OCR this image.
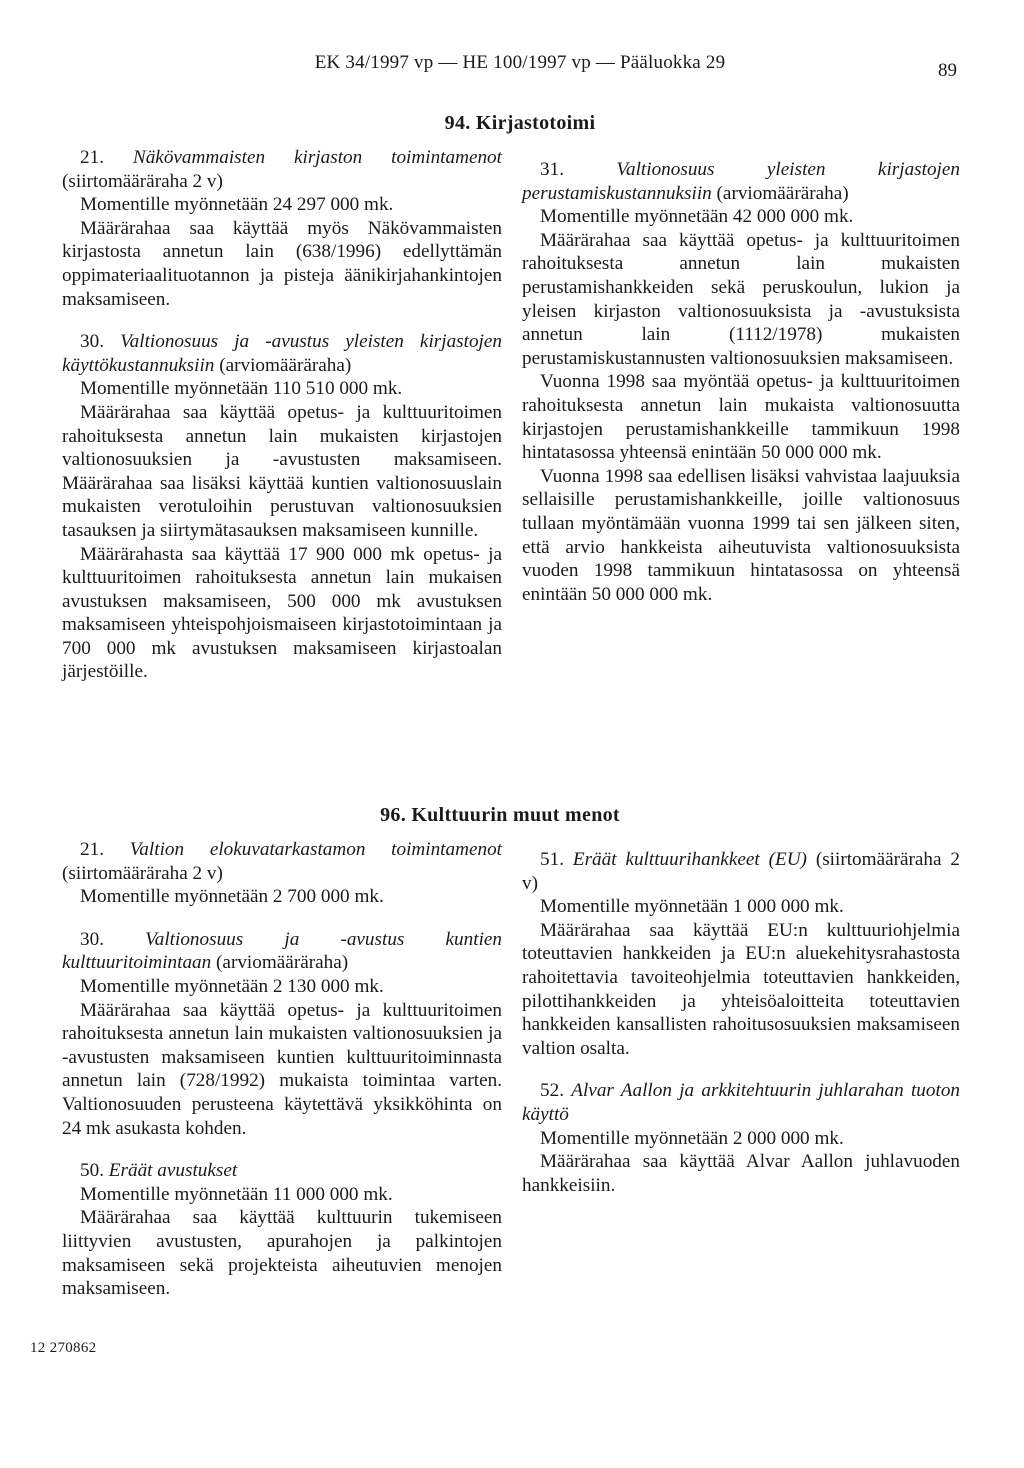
EK 34/1997 vp — HE 100/1997 vp — Pääluokka 29	89
94. Kirjastotoimi

21. Näkövammaisten kirjaston toimintamenot (siirtomääräraha 2 v)

Momentille myönnetään 24 297 000 mk.

Määrärahaa saa käyttää myös Näkövammaisten kirjastosta annetun lain (638/1996) edellyttämän oppimateriaalituotannon ja pisteja äänikirjahankintojen maksamiseen.

30. Valtionosuus ja -avustus yleisten kirjastojen käyttökustannuksiin (arviomääräraha)

Momentille myönnetään 110 510 000 mk.

Määrärahaa saa käyttää opetus- ja kulttuuritoimen rahoituksesta annetun lain mukaisten kirjastojen valtionosuuksien ja -avustusten maksamiseen. Määrärahaa saa lisäksi käyttää kuntien valtionosuuslain mukaisten verotuloihin perustuvan valtionosuuksien tasauksen ja siirtymätasauksen maksamiseen kunnille.

Määrärahasta saa käyttää 17 900 000 mk opetus- ja kulttuuritoimen rahoituksesta annetun lain mukaisen avustuksen maksamiseen, 500 000 mk avustuksen maksamiseen yhteispohjoismaiseen kirjastotoimintaan ja 700 000 mk avustuksen maksamiseen kirjastoalan järjestöille.

31.	Valtionosuus yleisten kirjastojen perustamiskustannuksiin (arviomääräraha)

Momentille myönnetään 42 000 000 mk.

Määrärahaa saa käyttää opetus- ja kulttuuritoimen rahoituksesta annetun lain mukaisten perustamishankkeiden sekä peruskoulun, lukion ja yleisen kirjaston valtionosuuksista ja -avustuksista annetun lain (1112/1978) mukaisten perustamiskustannusten valtionosuuksien maksamiseen.

Vuonna 1998 saa myöntää opetus- ja kulttuuritoimen rahoituksesta annetun lain mukaista valtionosuutta kirjastojen perustamishankkeille tammikuun 1998 hintatasossa yhteensä enintään 50 000 000 mk.

Vuonna 1998 saa edellisen lisäksi vahvistaa laajuuksia sellaisille perustamishankkeille, joille valtionosuus tullaan myöntämään vuonna 1999 tai sen jälkeen siten, että arvio hankkeista aiheutuvista valtionosuuksista vuoden 1998 tammikuun hintatasossa on yhteensä enintään 50 000 000 mk.

96. Kulttuurin muut menot

21. Valtion elokuvatarkastamon toimintamenot (siirtomääräraha 2 v)

Momentille myönnetään 2 700 000 mk.

30. Valtionosuus ja -avustus kuntien kulttuuritoimintaan (arviomääräraha)

Momentille myönnetään 2 130 000 mk.

Määrärahaa saa käyttää opetus- ja kulttuuritoimen rahoituksesta annetun lain mukaisten valtionosuuksien ja -avustusten maksamiseen kuntien kulttuuritoiminnasta annetun lain (728/1992) mukaista toimintaa varten. Valtionosuuden perusteena käytettävä yksikköhinta on 24 mk asukasta kohden.

50. Eräät avustukset

Momentille myönnetään 11 000 000 mk.

Määrärahaa saa käyttää kulttuurin tukemiseen liittyvien avustusten, apurahojen ja palkintojen maksamiseen sekä projekteista aiheutuvien menojen maksamiseen.

51. Eräät kulttuurihankkeet (EU) (siirtomääräraha 2 v)

Momentille myönnetään 1 000 000 mk.

Määrärahaa saa käyttää EU:n kulttuuriohjelmia toteuttavien hankkeiden ja EU:n aluekehitysrahastosta rahoitettavia tavoiteohjelmia toteuttavien hankkeiden, pilottihankkeiden ja yhteisöaloitteita toteuttavien hankkeiden kansallisten rahoitusosuuksien maksamiseen valtion osalta.

52. Alvar Aallon ja arkkitehtuurin juhlarahan tuoton käyttö

Momentille myönnetään 2 000 000 mk.

Määrärahaa saa käyttää Alvar Aallon juhlavuoden hankkeisiin.

12 270862
